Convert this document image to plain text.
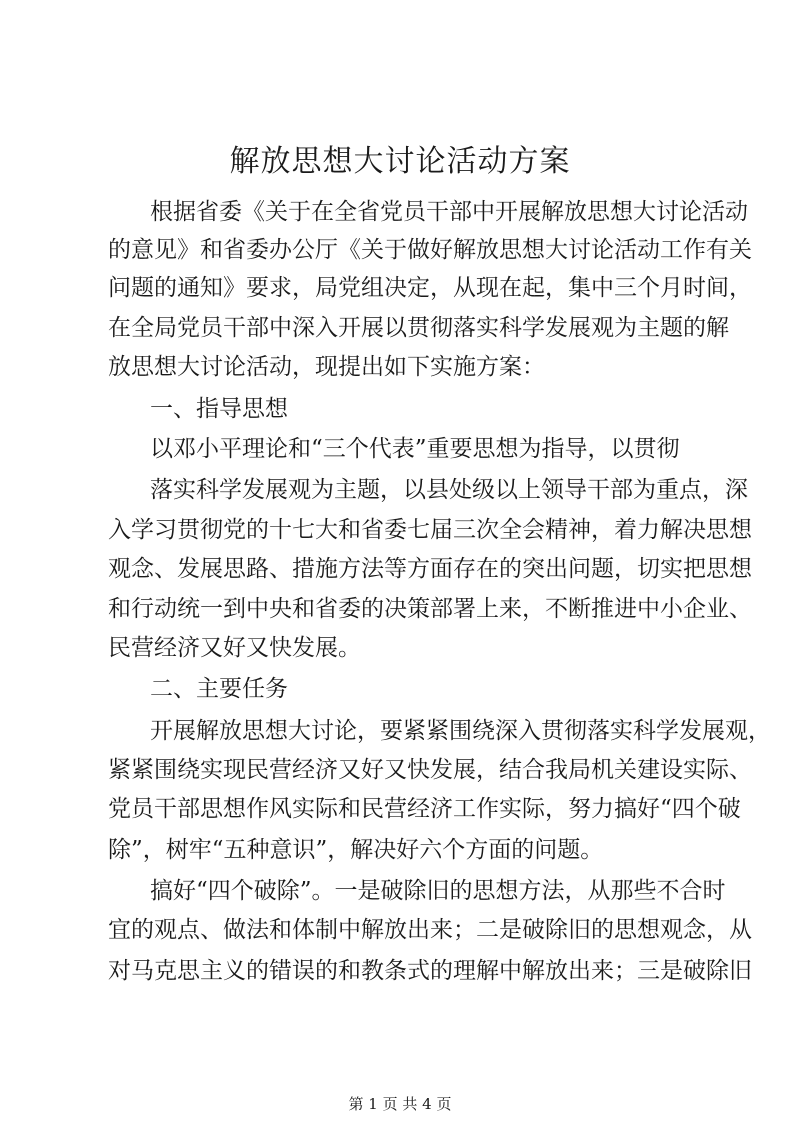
解放思想大讨论活动方案
根据省委《关于在全省党员干部中开展解放思想大讨论活动
的意见》和省委办公厅《关于做好解放思想大讨论活动工作有关
问题的通知》要求，局党组决定，从现在起，集中三个月时间，
在全局党员干部中深入开展以贯彻落实科学发展观为主题的解
放思想大讨论活动，现提出如下实施方案：
一、指导思想
以邓小平理论和“三个代表”重要思想为指导，以贯彻
落实科学发展观为主题，以县处级以上领导干部为重点，深
入学习贯彻党的十七大和省委七届三次全会精神，着力解决思想
观念、发展思路、措施方法等方面存在的突出问题，切实把思想
和行动统一到中央和省委的决策部署上来，不断推进中小企业、
民营经济又好又快发展。
二、主要任务
开展解放思想大讨论，要紧紧围绕深入贯彻落实科学发展观，
紧紧围绕实现民营经济又好又快发展，结合我局机关建设实际、
党员干部思想作风实际和民营经济工作实际，努力搞好“四个破
除”，树牢“五种意识”，解决好六个方面的问题。
搞好“四个破除”。一是破除旧的思想方法，从那些不合时
宜的观点、做法和体制中解放出来；二是破除旧的思想观念，从
对马克思主义的错误的和教条式的理解中解放出来；三是破除旧
第 1 页 共 4 页
